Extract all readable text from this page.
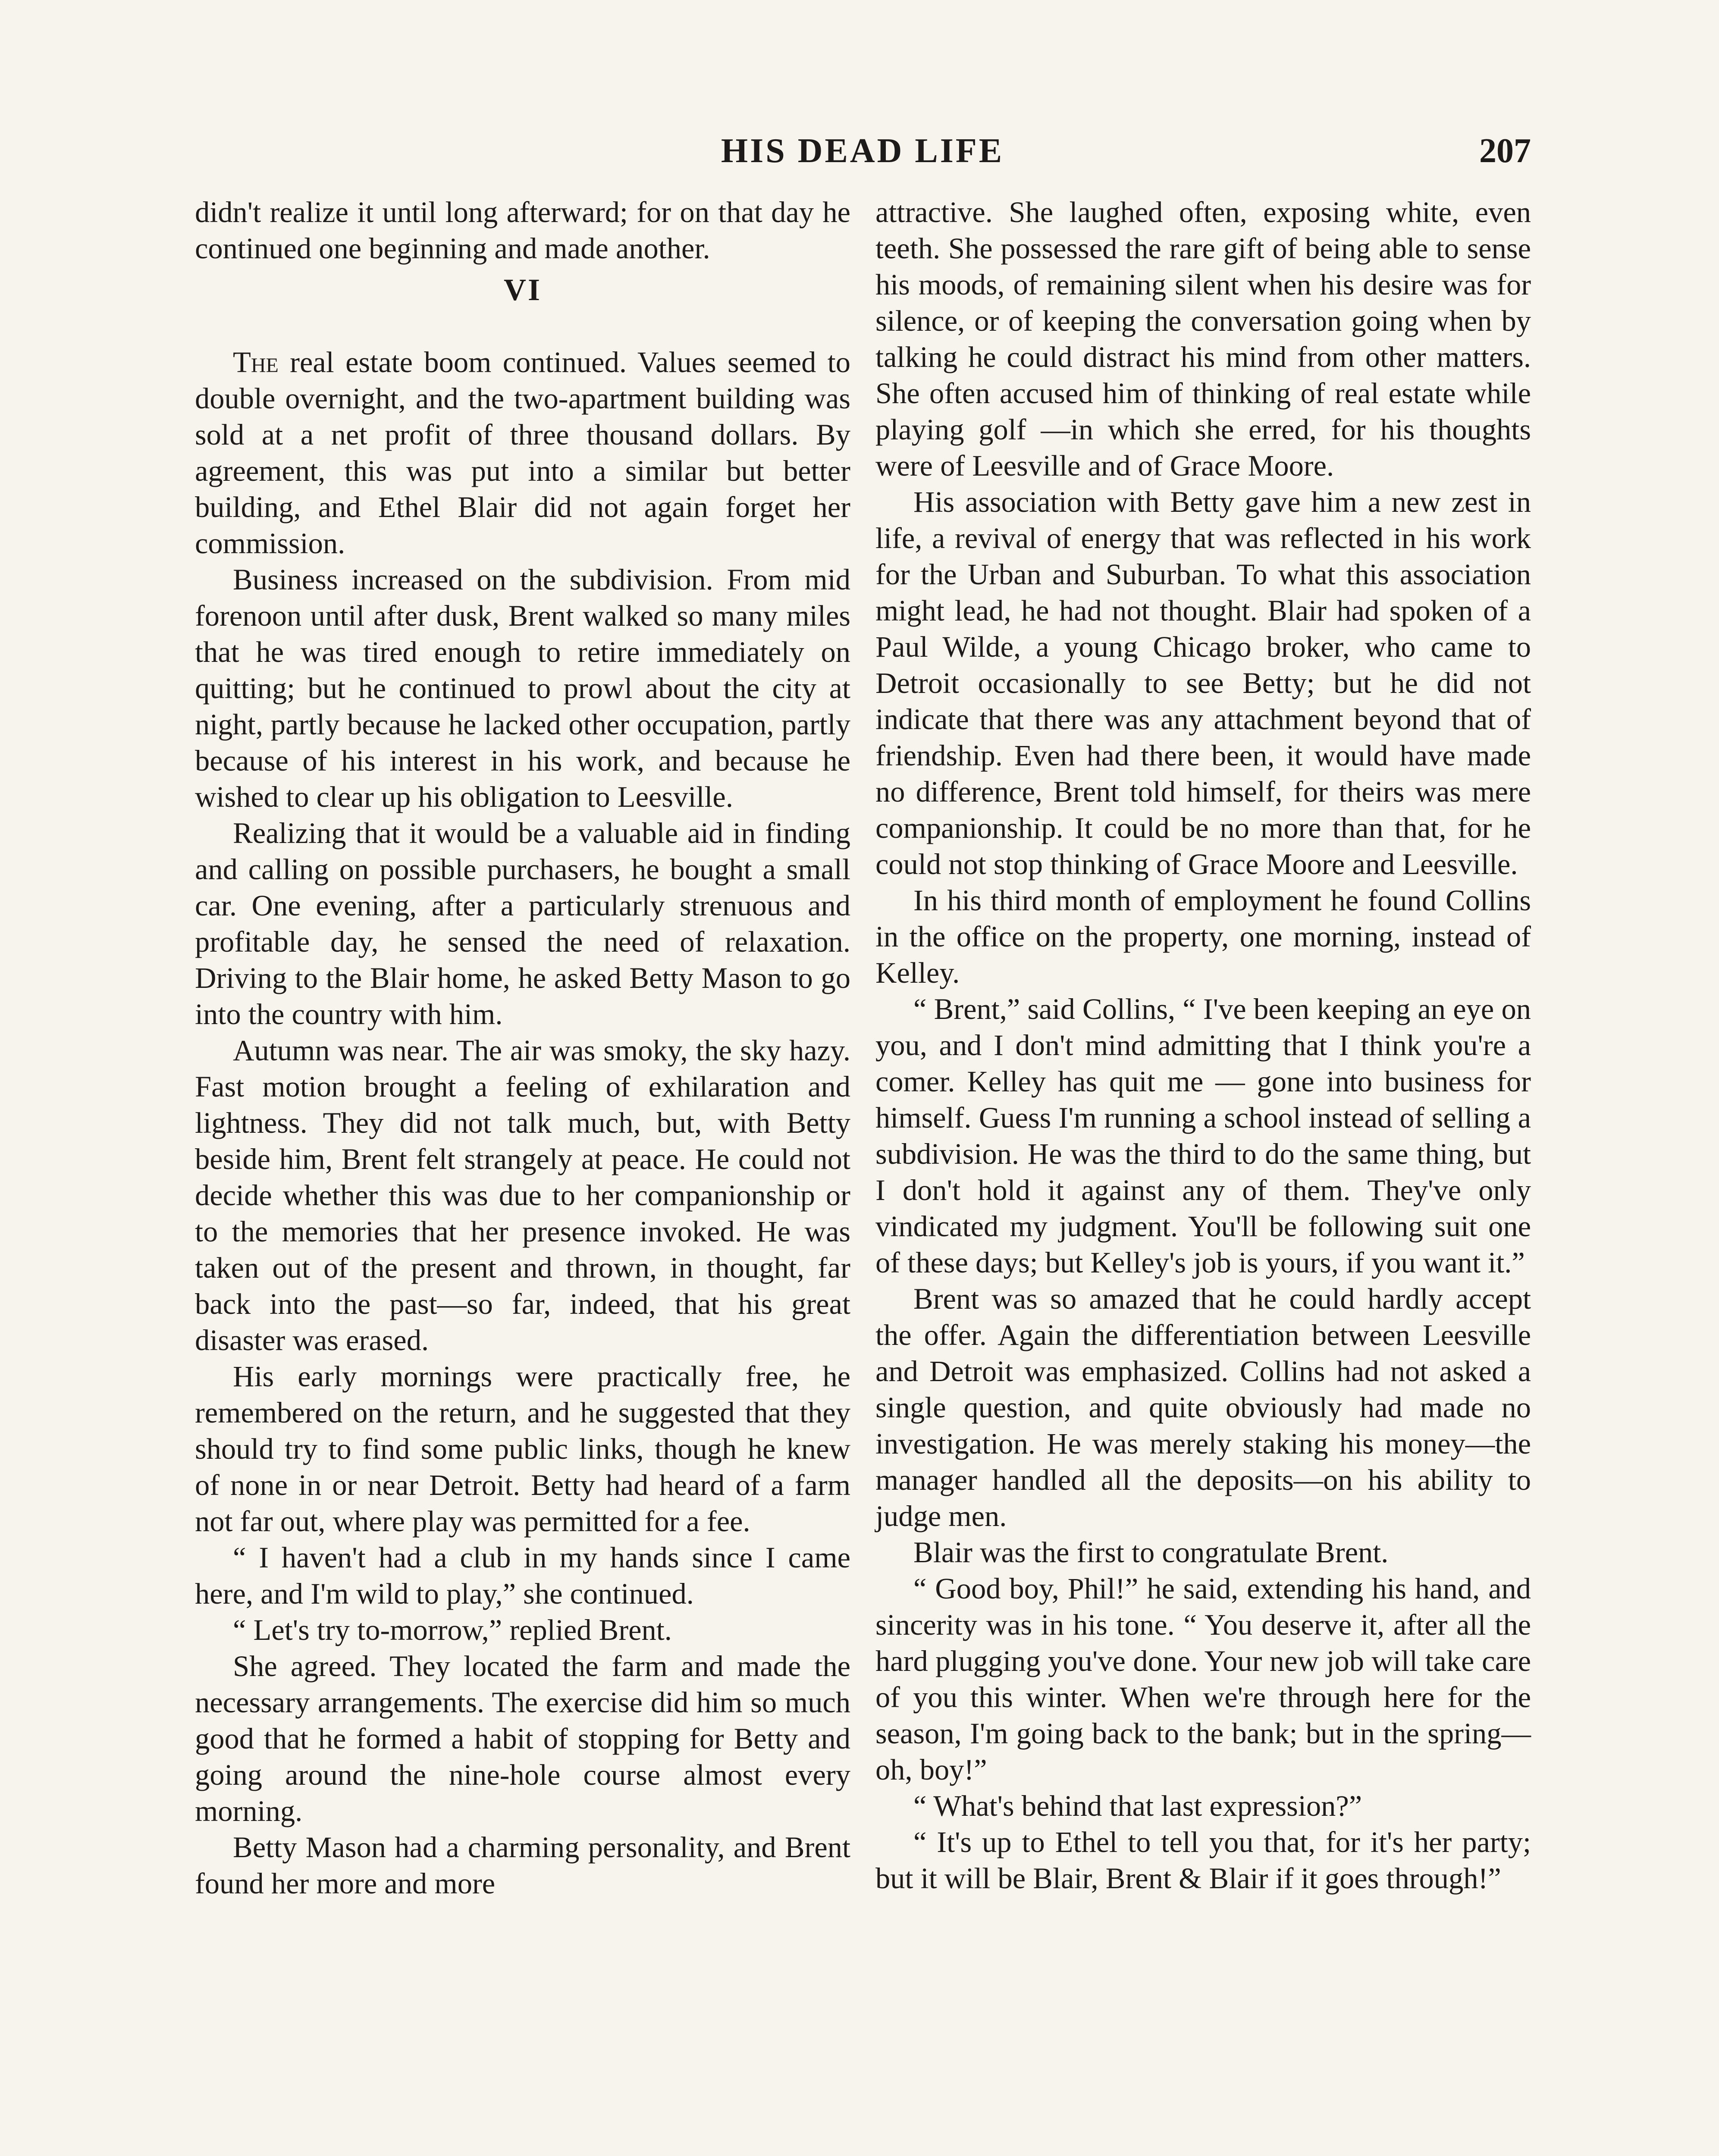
HIS DEAD LIFE	207

didn't realize it until long afterward; for on that day he continued one beginning and made another.

VI

The real estate boom continued. Values seemed to double overnight, and the two-apartment building was sold at a net profit of three thousand dollars. By agreement, this was put into a similar but better building, and Ethel Blair did not again forget her commission.

Business increased on the subdivision. From mid forenoon until after dusk, Brent walked so many miles that he was tired enough to retire immediately on quitting; but he continued to prowl about the city at night, partly because he lacked other occupation, partly because of his interest in his work, and because he wished to clear up his obligation to Leesville.

Realizing that it would be a valuable aid in finding and calling on possible purchasers, he bought a small car. One evening, after a particularly strenuous and profitable day, he sensed the need of relaxation. Driving to the Blair home, he asked Betty Mason to go into the country with him.

Autumn was near. The air was smoky, the sky hazy. Fast motion brought a feeling of exhilaration and lightness. They did not talk much, but, with Betty beside him, Brent felt strangely at peace. He could not decide whether this was due to her companionship or to the memories that her presence invoked. He was taken out of the present and thrown, in thought, far back into the past—so far, indeed, that his great disaster was erased.

His early mornings were practically free, he remembered on the return, and he suggested that they should try to find some public links, though he knew of none in or near Detroit. Betty had heard of a farm not far out, where play was permitted for a fee.

“ I haven't had a club in my hands since I came here, and I'm wild to play,” she continued.

“ Let's try to-morrow,” replied Brent.

She agreed. They located the farm and made the necessary arrangements. The exercise did him so much good that he formed a habit of stopping for Betty and going around the nine-hole course almost every morning.

Betty Mason had a charming personality, and Brent found her more and more

attractive. She laughed often, exposing white, even teeth. She possessed the rare gift of being able to sense his moods, of remaining silent when his desire was for silence, or of keeping the conversation going when by talking he could distract his mind from other matters. She often accused him of thinking of real estate while playing golf —in which she erred, for his thoughts were of Leesville and of Grace Moore.

His association with Betty gave him a new zest in life, a revival of energy that was reflected in his work for the Urban and Suburban. To what this association might lead, he had not thought. Blair had spoken of a Paul Wilde, a young Chicago broker, who came to Detroit occasionally to see Betty; but he did not indicate that there was any attachment beyond that of friendship. Even had there been, it would have made no difference, Brent told himself, for theirs was mere companionship. It could be no more than that, for he could not stop thinking of Grace Moore and Leesville.

In his third month of employment he found Collins in the office on the property, one morning, instead of Kelley.

“ Brent,” said Collins, “ I've been keeping an eye on you, and I don't mind admitting that I think you're a comer. Kelley has quit me — gone into business for himself. Guess I'm running a school instead of selling a subdivision. He was the third to do the same thing, but I don't hold it against any of them. They've only vindicated my judgment. You'll be following suit one of these days; but Kelley's job is yours, if you want it.”

Brent was so amazed that he could hardly accept the offer. Again the differentiation between Leesville and Detroit was emphasized. Collins had not asked a single question, and quite obviously had made no investigation. He was merely staking his money—the manager handled all the deposits—on his ability to judge men.

Blair was the first to congratulate Brent.

“ Good boy, Phil!” he said, extending his hand, and sincerity was in his tone. “ You deserve it, after all the hard plugging you've done. Your new job will take care of you this winter. When we're through here for the season, I'm going back to the bank; but in the spring—oh, boy!”

“ What's behind that last expression?”

“ It's up to Ethel to tell you that, for it's her party; but it will be Blair, Brent & Blair if it goes through!”
